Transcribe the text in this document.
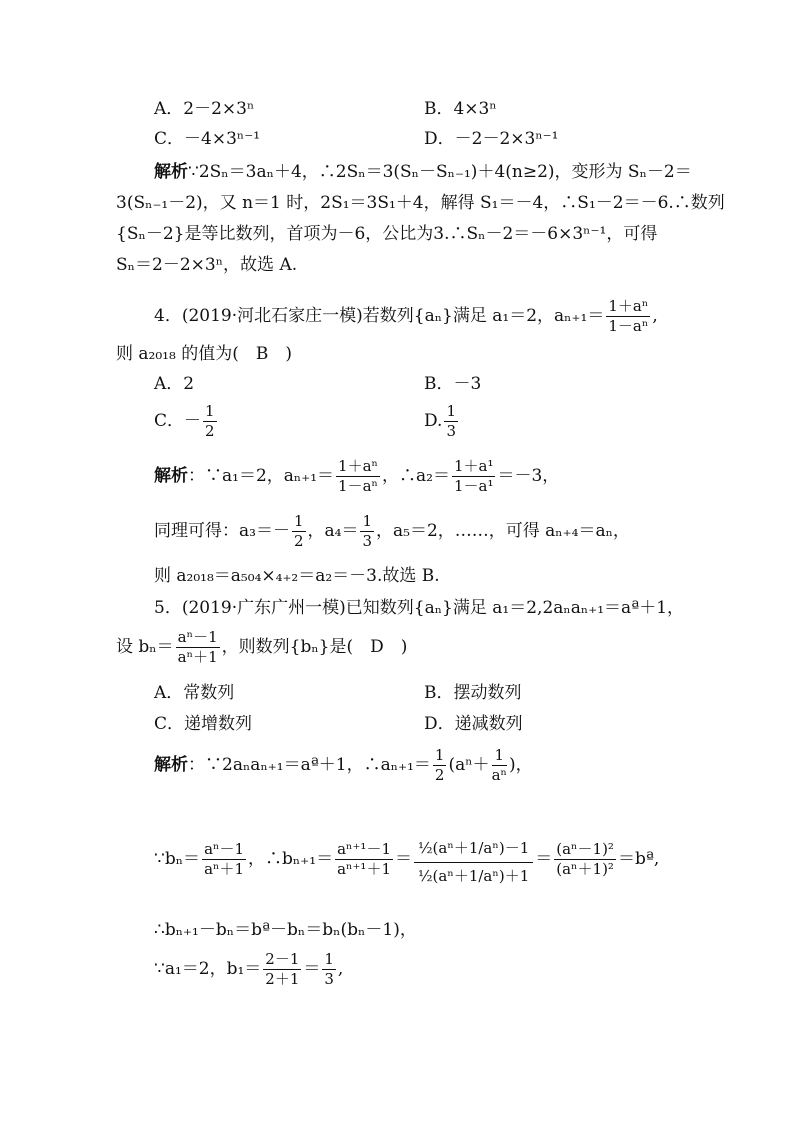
A．2－2×3ⁿ	B．4×3ⁿ
C．－4×3ⁿ⁻¹	D．－2－2×3ⁿ⁻¹
解析∵2Sₙ＝3aₙ＋4，∴2Sₙ＝3(Sₙ－Sₙ₋₁)＋4(n≥2)，变形为 Sₙ－2＝
3(Sₙ₋₁－2)，又 n＝1 时，2S₁＝3S₁＋4，解得 S₁＝－4，∴S₁－2＝－6.∴数列
{Sₙ－2}是等比数列，首项为－6，公比为3.∴Sₙ－2＝－6×3ⁿ⁻¹，可得
Sₙ＝2－2×3ⁿ，故选 A.
4．(2019·河北石家庄一模)若数列{aₙ}满足 a₁＝2，$a_{n+1}= \frac{\text{1＋aⁿ}}{\text{1－aⁿ}}$ ,
则 a₂₀₁₈ 的值为(　B　)
A．2	B．－3
C．－ $\frac{1}{2}$	D. $\frac{1}{3}$
解析：∵a₁＝2，$a_{n+1}= \frac{\text{1＋aⁿ}}{\text{1－aⁿ}}$ ，∴a₂＝ $\frac{\text{1＋a¹}}{\text{1－a¹}} =-3$，
同理可得：$a_3=- \frac{1}{2}$ ，$a_4= \frac{1}{3}$ ，a₅＝2，……，可得 aₙ₊₄＝aₙ，
则 a₂₀₁₈＝a₅₀₄×₄₊₂＝a₂＝－3.故选 B.
5．(2019·广东广州一模)已知数列{aₙ}满足 a₁＝2,2aₙaₙ₊₁＝aª＋1，
设 $b_n= \frac{\text{aⁿ－1}}{\text{aⁿ＋1}}$ ，则数列{bₙ}是(　D　)
A．常数列	B．摆动数列
C．递增数列	D．递减数列
解析：∵2aₙaₙ₊₁＝aª＋1，∴aₙ₊₁＝ $\frac{1}{2} (a^n+ \frac{1}{\text{aⁿ}}$ )，
∵bₙ＝ $\frac{\text{aⁿ－1}}{\text{aⁿ＋1}}$ ，∴bₙ₊₁＝ $\frac{\text{aⁿ⁺¹－1}}{\text{aⁿ⁺¹＋1}} = \frac{\text{½(aⁿ＋1/aⁿ)－1}}{\text{½(aⁿ＋1/aⁿ)＋1}} = \frac{\text{(aⁿ－1)²}}{\text{(aⁿ＋1)²}}$ ＝bª,
∴bₙ₊₁－bₙ＝bª－bₙ＝bₙ(bₙ－1)，
∵a₁＝2，$b_1= \frac{2-1}{2+1} = \frac{1}{3}$ ,
